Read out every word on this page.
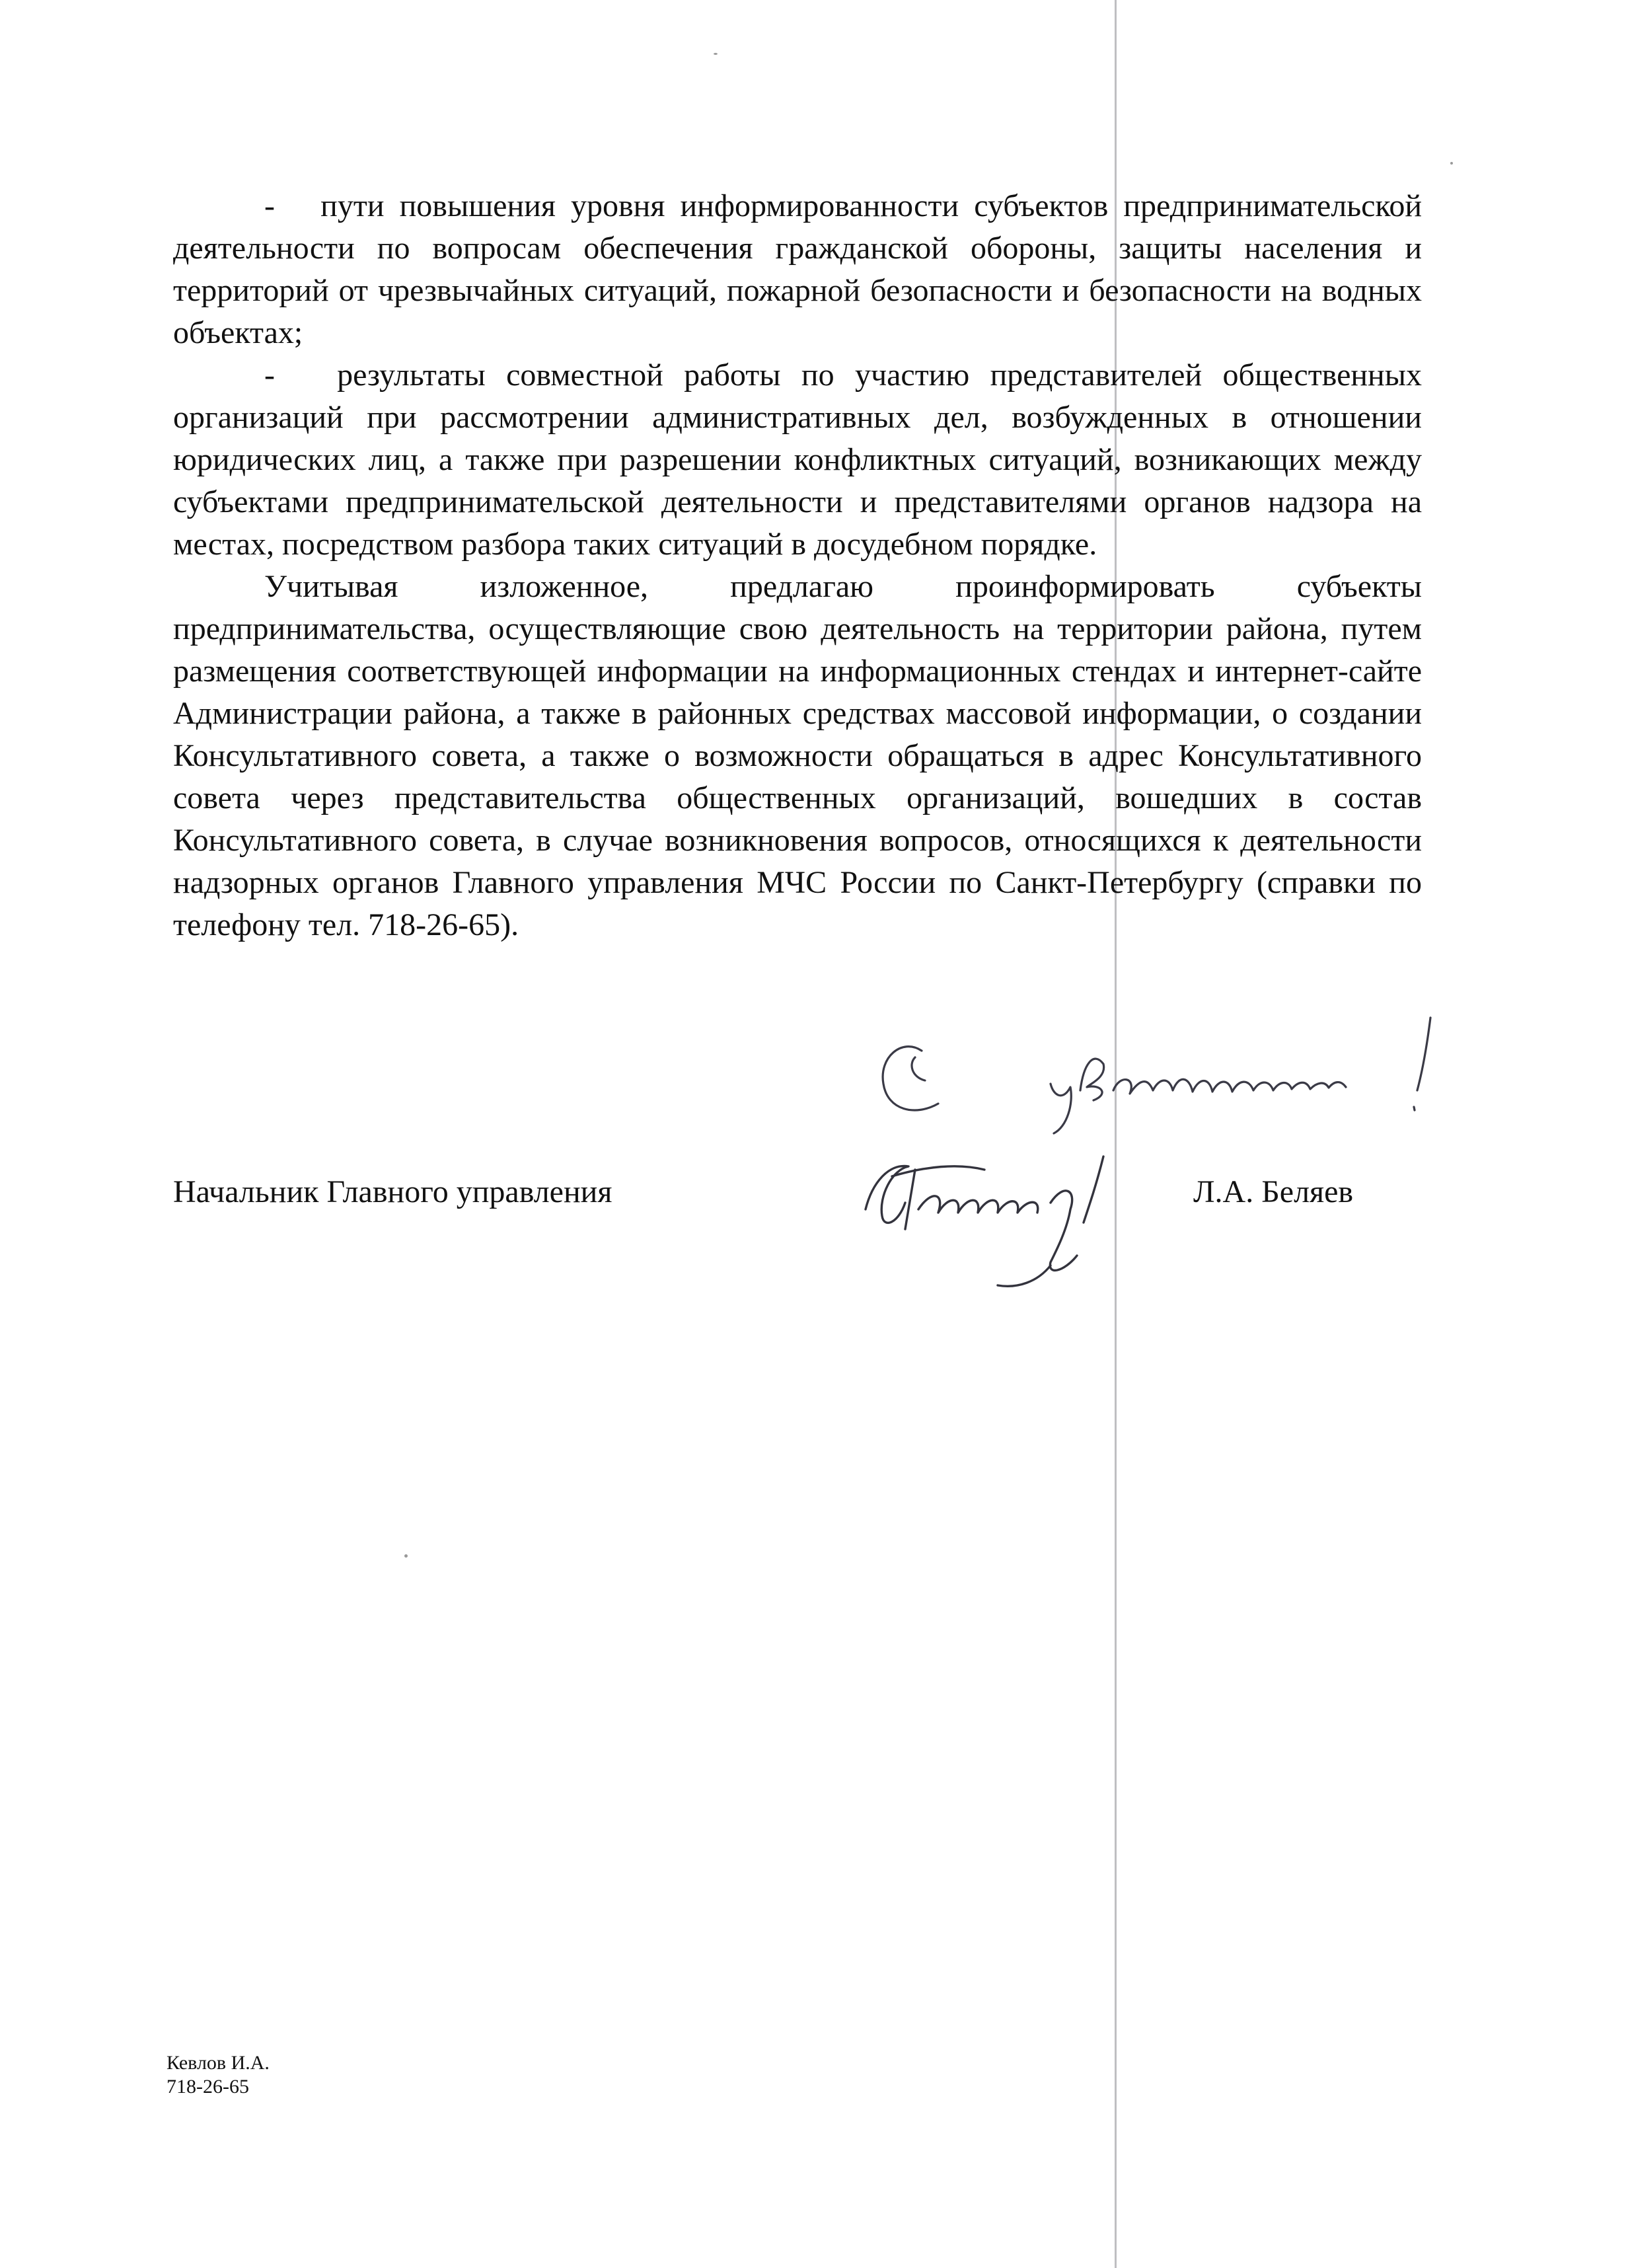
-   пути повышения уровня информированности субъектов предпринимательской деятельности по вопросам обеспечения гражданской обороны, защиты населения и территорий от чрезвычайных ситуаций, пожарной безопасности и безопасности на водных объектах;

-   результаты совместной работы по участию представителей общественных организаций при рассмотрении административных дел, возбужденных в отношении юридических лиц, а также при разрешении конфликтных ситуаций, возникающих между субъектами предпринимательской деятельности и представителями органов надзора на местах, посредством разбора таких ситуаций в досудебном порядке.

Учитывая изложенное, предлагаю проинформировать субъекты предпринимательства, осуществляющие свою деятельность на территории района, путем размещения соответствующей информации на информационных стендах и интернет-сайте Администрации района, а также в районных средствах массовой информации, о создании Консультативного совета, а также о возможности обращаться в адрес Консультативного совета через представительства общественных организаций, вошедших в состав Консультативного совета, в случае возникновения вопросов, относящихся к деятельности надзорных органов Главного управления МЧС России по Санкт-Петербургу (справки по телефону тел. 718-26-65).

Начальник Главного управления	Л.А. Беляев
Кевлов И.А.
718-26-65
